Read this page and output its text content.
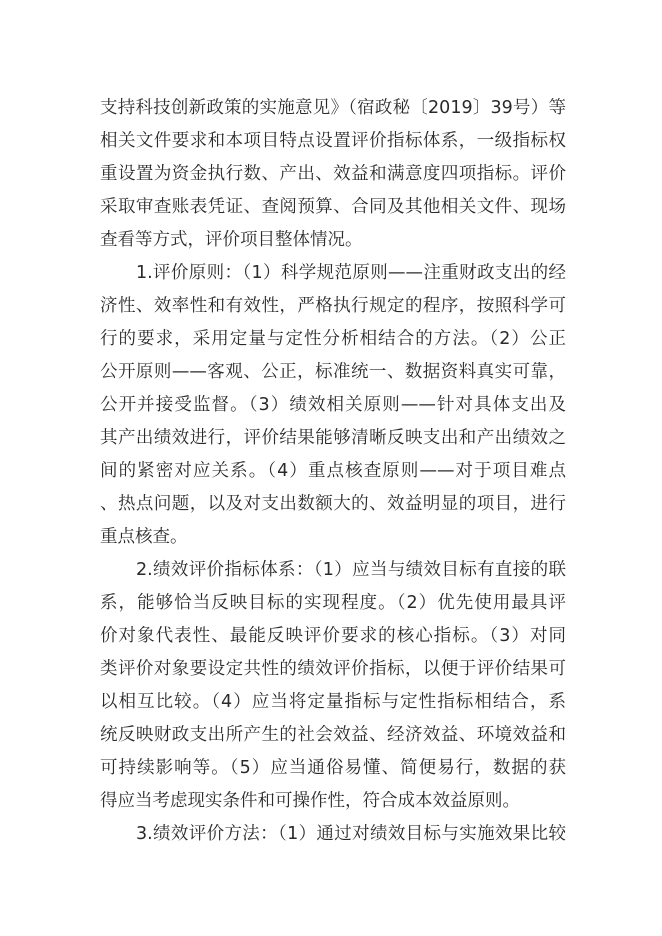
支持科技创新政策的实施意见》（宿政秘〔2019〕39号）等
相关文件要求和本项目特点设置评价指标体系，一级指标权
重设置为资金执行数、产出、效益和满意度四项指标。评价
采取审查账表凭证、查阅预算、合同及其他相关文件、现场
查看等方式，评价项目整体情况。
1.评价原则：（1）科学规范原则——注重财政支出的经
济性、效率性和有效性，严格执行规定的程序，按照科学可
行的要求，采用定量与定性分析相结合的方法。（2）公正
公开原则——客观、公正，标准统一、数据资料真实可靠，
公开并接受监督。（3）绩效相关原则——针对具体支出及
其产出绩效进行，评价结果能够清晰反映支出和产出绩效之
间的紧密对应关系。（4）重点核查原则——对于项目难点
、热点问题，以及对支出数额大的、效益明显的项目，进行
重点核查。
2.绩效评价指标体系：（1）应当与绩效目标有直接的联
系，能够恰当反映目标的实现程度。（2）优先使用最具评
价对象代表性、最能反映评价要求的核心指标。（3）对同
类评价对象要设定共性的绩效评价指标，以便于评价结果可
以相互比较。（4）应当将定量指标与定性指标相结合，系
统反映财政支出所产生的社会效益、经济效益、环境效益和
可持续影响等。（5）应当通俗易懂、简便易行，数据的获
得应当考虑现实条件和可操作性，符合成本效益原则。
3.绩效评价方法：（1）通过对绩效目标与实施效果比较
